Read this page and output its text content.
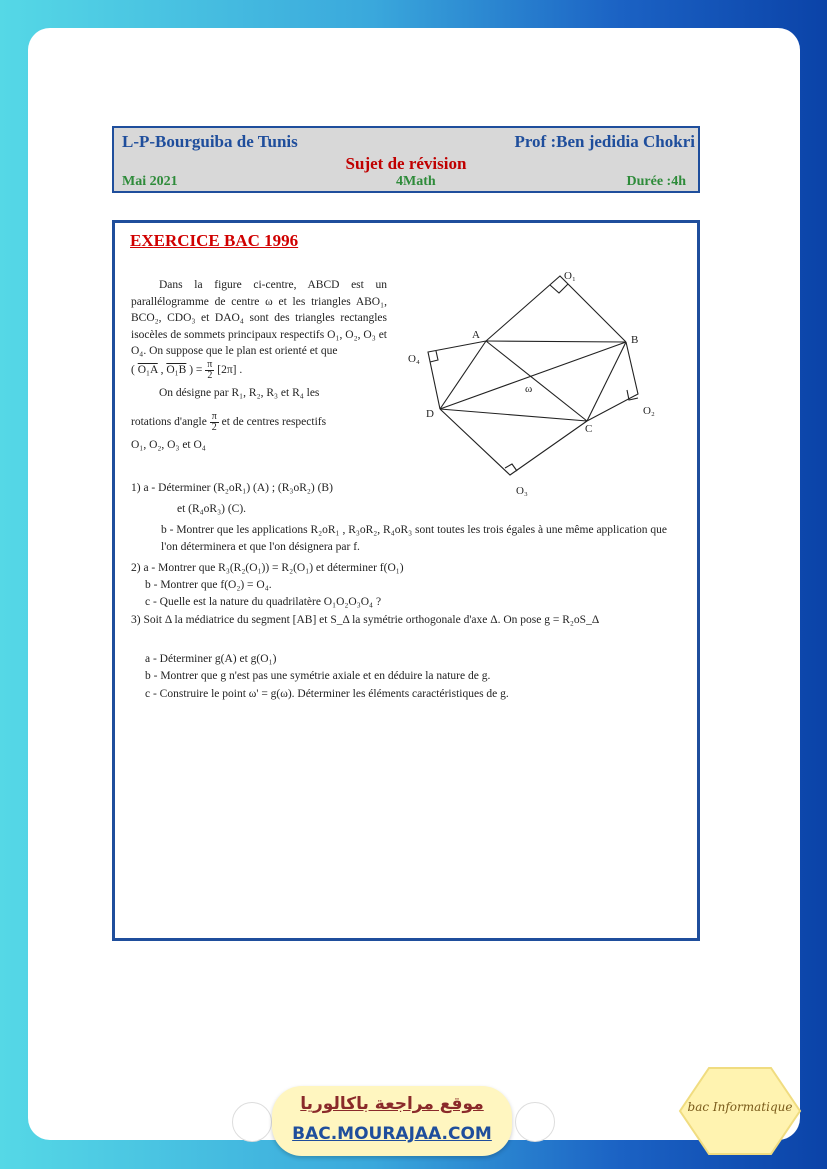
L-P-Bourguiba de Tunis	Prof :Ben jedidia Chokri
Sujet de révision
Mai 2021	4Math	Durée :4h
EXERCICE BAC 1996

Dans la figure ci-centre, ABCD est un parallélogramme de centre ω et les triangles ABO₁, BCO₂, CDO₃ et DAO₄ sont des triangles rectangles isocèles de sommets principaux respectifs O₁, O₂, O₃ et O₄. On suppose que le plan est orienté et que

( O₁A , O₁B ) = $\frac{\pi}{2} [2\pi]$ .

On désigne par R₁, R₂, R₃ et R₄ les

rotations d'angle $\frac{\pi}{2}$ et de centres respectifs

O₁, O₂, O₃ et O₄

A	B
C
D
O₁
O₂
O₃
O₄
ω
1) a - Déterminer (R₂oR₁) (A) ; (R₃oR₂) (B)
et (R₄oR₃) (C).
b - Montrer que les applications R₂oR₁ , R₃oR₂, R₄oR₃ sont toutes les trois égales à une même application que l'on déterminera et que l'on désignera par f.
2) a - Montrer que R₃(R₂(O₁)) = R₂(O₁) et déterminer f(O₁)
b - Montrer que f(O₂) = O₄.
c - Quelle est la nature du quadrilatère O₁O₂O₃O₄ ?
3) Soit Δ la médiatrice du segment [AB] et S_Δ la symétrie orthogonale d'axe Δ. On pose g = R₂oS_Δ
a - Déterminer g(A) et g(O₁)
b - Montrer que g n'est pas une symétrie axiale et en déduire la nature de g.
c - Construire le point ω' = g(ω). Déterminer les éléments caractéristiques de g.
موقع مراجعة باكالوريا
BAC.MOURAJAA.COM
bac Informatique
